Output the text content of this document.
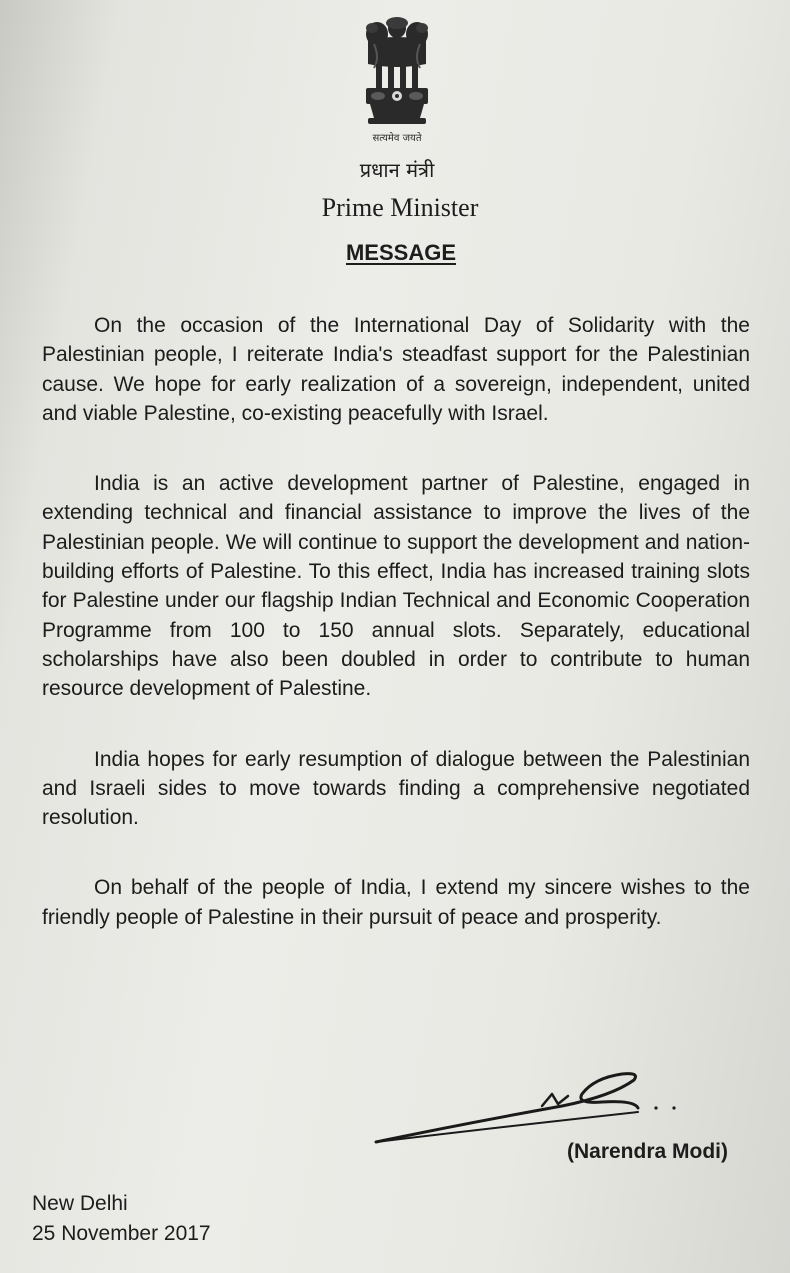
सत्यमेव जयते
प्रधान मंत्री
Prime Minister
MESSAGE

On the occasion of the International Day of Solidarity with the Palestinian people, I reiterate India's steadfast support for the Palestinian cause. We hope for early realization of a sovereign, independent, united and viable Palestine, co-existing peacefully with Israel.

India is an active development partner of Palestine, engaged in extending technical and financial assistance to improve the lives of the Palestinian people. We will continue to support the development and nation-building efforts of Palestine. To this effect, India has increased training slots for Palestine under our flagship Indian Technical and Economic Cooperation Programme from 100 to 150 annual slots. Separately, educational scholarships have also been doubled in order to contribute to human resource development of Palestine.

India hopes for early resumption of dialogue between the Palestinian and Israeli sides to move towards finding a comprehensive negotiated resolution.

On behalf of the people of India, I extend my sincere wishes to the friendly people of Palestine in their pursuit of peace and prosperity.

(Narendra Modi)
New Delhi
25 November 2017
